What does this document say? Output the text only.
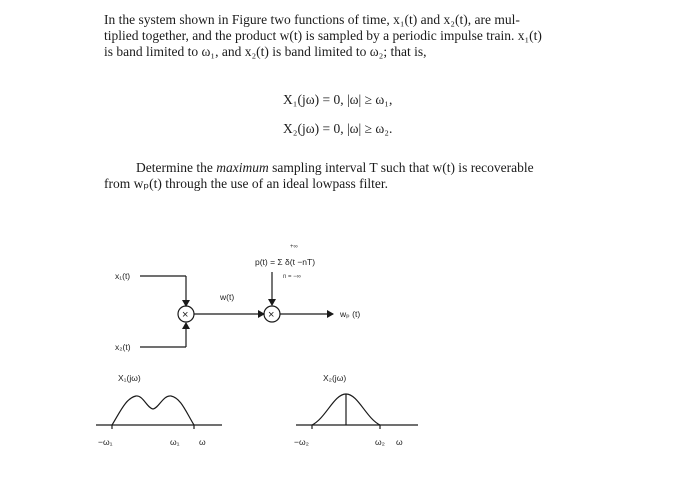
In the system shown in Figure two functions of time, x₁(t) and x₂(t), are mul-
tiplied together, and the product w(t) is sampled by a periodic impulse train. x₁(t)
is band limited to ω₁, and x₂(t) is band limited to ω₂; that is,
X₁(jω) = 0, |ω| ≥ ω₁,
X₂(jω) = 0, |ω| ≥ ω₂.
Determine the maximum sampling interval T such that w(t) is recoverable
from wₚ(t) through the use of an ideal lowpass filter.
×	×
x₁(t)
x₂(t)
w(t)
p(t) = Σ δ(t −nT)
+∞
n = −∞
wₚ (t)
X₁(jω)
−ω₁	ω₁ ω
X₂(jω)
−ω₂	ω₂ ω
